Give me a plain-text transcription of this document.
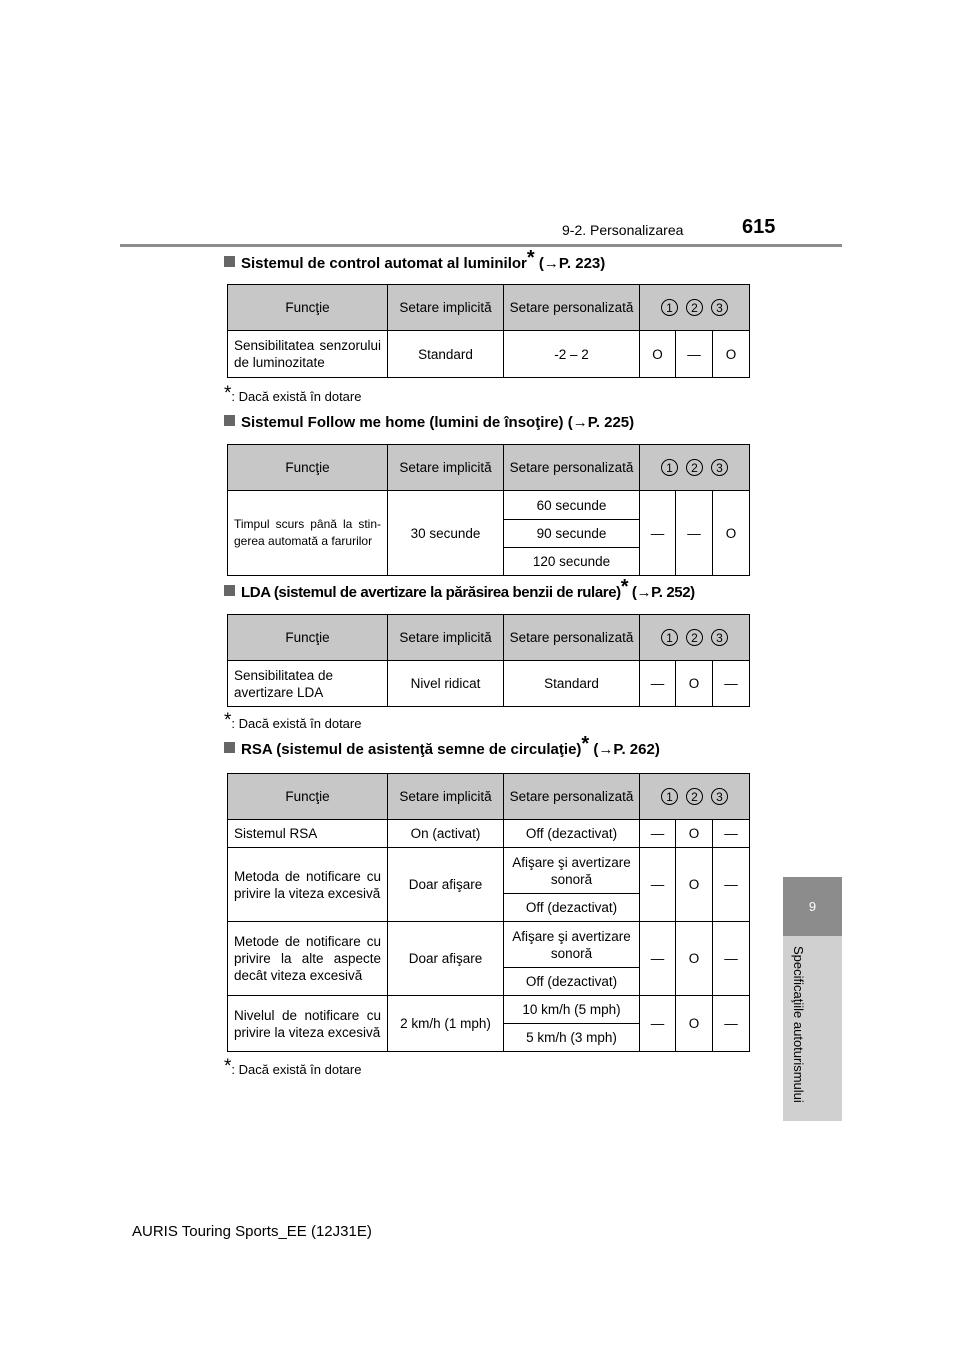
9-2. Personalizarea	615
9
Specificaţiile autoturismului
Sistemul de control automat al luminilor* (→P. 223)
Funcţie	Setare implicită	Setare personalizată	1 2 3		
Sensibilitatea senzorului de luminozitate	Standard	-2 – 2	O	—	O
*: Dacă există în dotare
Sistemul Follow me home (lumini de însoţire) (→P. 225)
Funcţie	Setare implicită	Setare personalizată	1 2 3		
Timpul scurs până la stin-gerea automată a farurilor	30 secunde	60 secunde	—	—	O
		90 secunde			
		120 secunde			
LDA (sistemul de avertizare la părăsirea benzii de rulare)* (→P. 252)
Funcţie	Setare implicită	Setare personalizată	1 2 3		
Sensibilitatea de avertizare LDA	Nivel ridicat	Standard	—	O	—
*: Dacă există în dotare
RSA (sistemul de asistenţă semne de circulaţie)* (→P. 262)
Funcţie	Setare implicită	Setare personalizată	1 2 3		
Sistemul RSA	On (activat)	Off (dezactivat)	—	O	—
Metoda de notificare cu privire la viteza excesivă	Doar afişare	Afişare şi avertizare sonoră	—	O	—
		Off (dezactivat)			
Metode de notificare cu privire la alte aspecte decât viteza excesivă	Doar afişare	Afişare şi avertizare sonoră	—	O	—
		Off (dezactivat)			
Nivelul de notificare cu privire la viteza excesivă	2 km/h (1 mph)	10 km/h (5 mph)	—	O	—
		5 km/h (3 mph)			
*: Dacă există în dotare
AURIS Touring Sports_EE (12J31E)
